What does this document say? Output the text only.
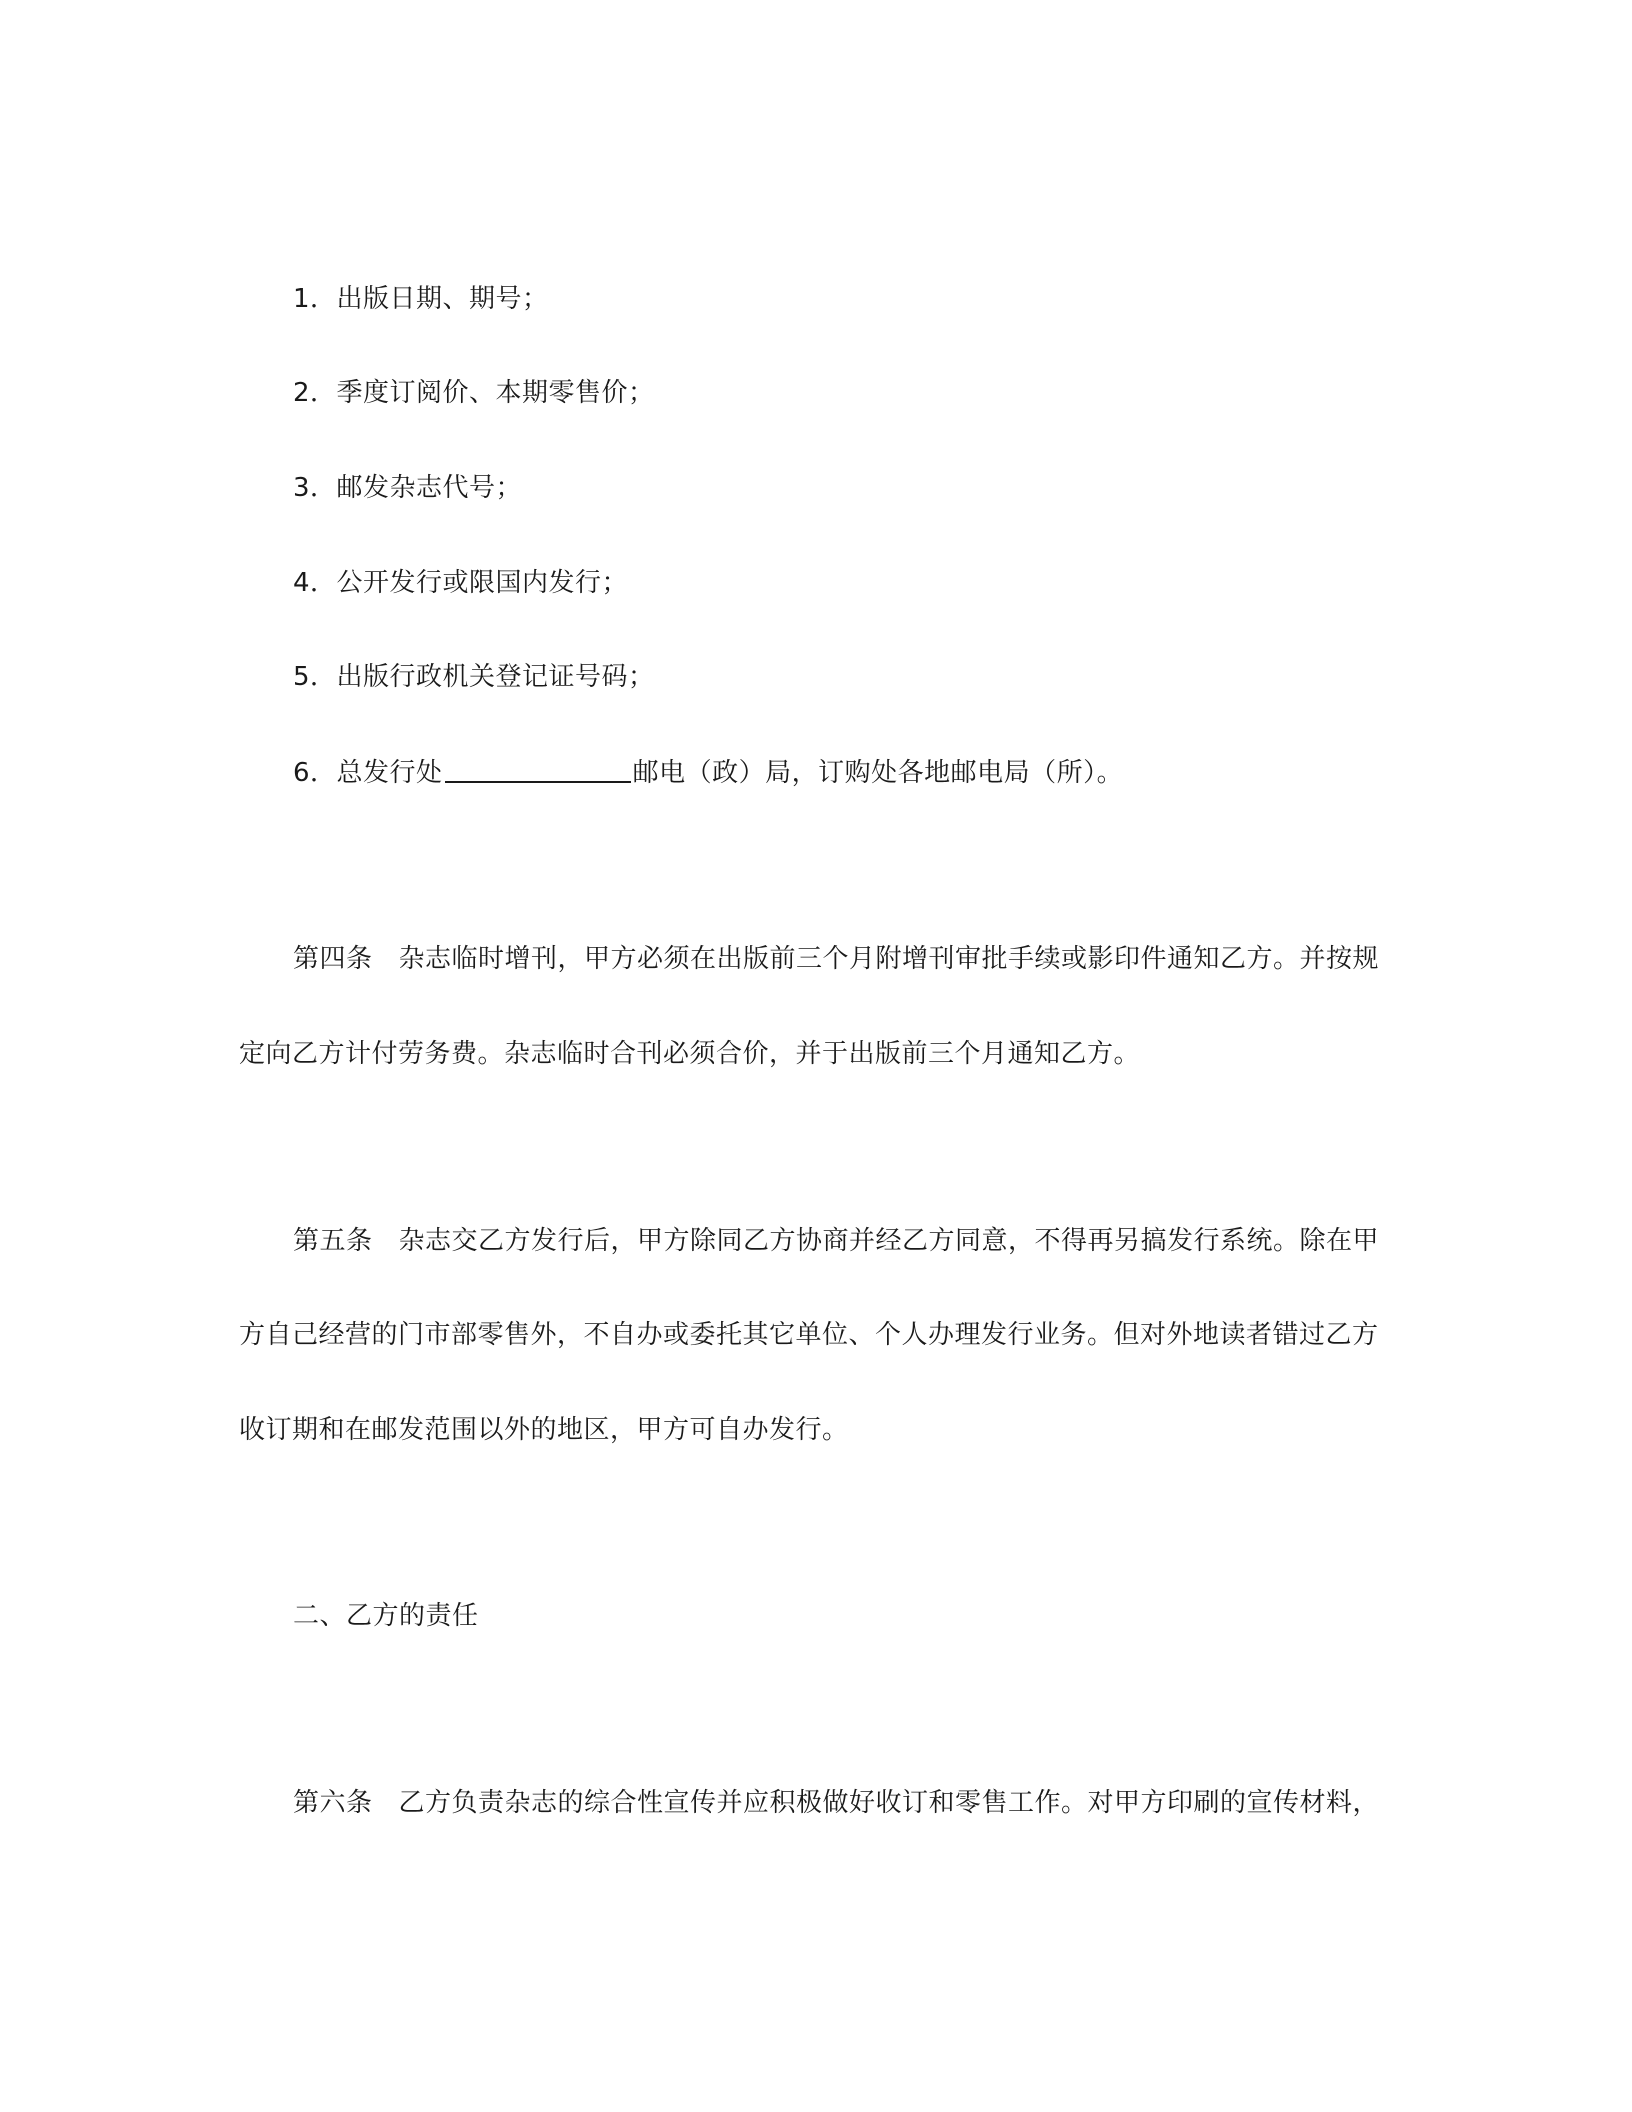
1．出版日期、期号；
2．季度订阅价、本期零售价；
3．邮发杂志代号；
4．公开发行或限国内发行；
5．出版行政机关登记证号码；
6．总发行处	邮电（政）局，订购处各地邮电局（所）。
第四条 杂志临时增刊，甲方必须在出版前三个月附增刊审批手续或影印件通知乙方。并按规
定向乙方计付劳务费。杂志临时合刊必须合价，并于出版前三个月通知乙方。
第五条 杂志交乙方发行后，甲方除同乙方协商并经乙方同意，不得再另搞发行系统。除在甲
方自己经营的门市部零售外，不自办或委托其它单位、个人办理发行业务。但对外地读者错过乙方
收订期和在邮发范围以外的地区，甲方可自办发行。
二、乙方的责任
第六条 乙方负责杂志的综合性宣传并应积极做好收订和零售工作。对甲方印刷的宣传材料，
